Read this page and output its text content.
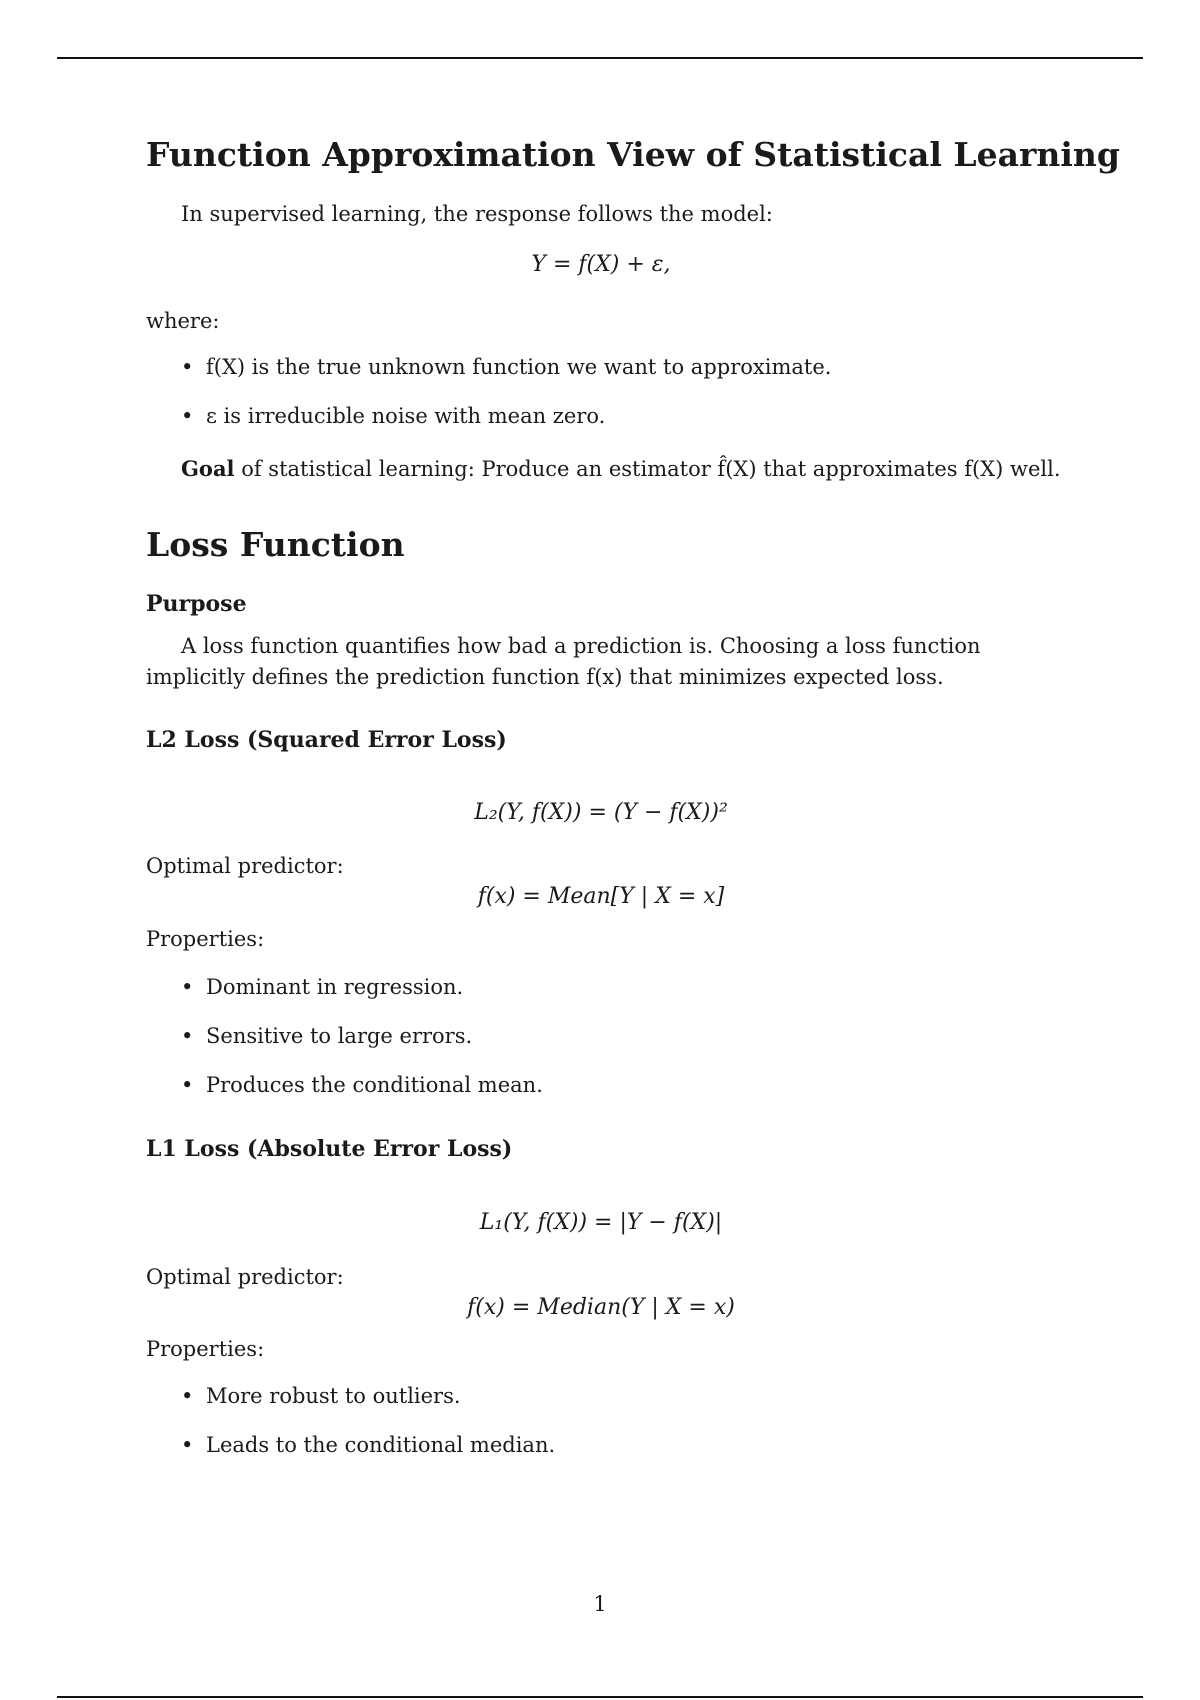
Function Approximation View of Statistical Learning
In supervised learning, the response follows the model:
Y = f(X) + ε,
where:
• f(X) is the true unknown function we want to approximate.
• ε is irreducible noise with mean zero.
Goal of statistical learning: Produce an estimator f̂(X) that approximates f(X) well.
Loss Function
Purpose
A loss function quantifies how bad a prediction is. Choosing a loss function implicitly defines the prediction function f(x) that minimizes expected loss.
L2 Loss (Squared Error Loss)
L₂(Y, f(X)) = (Y − f(X))²
Optimal predictor:
f(x) = Mean[Y | X = x]
Properties:
• Dominant in regression.
• Sensitive to large errors.
• Produces the conditional mean.
L1 Loss (Absolute Error Loss)
L₁(Y, f(X)) = |Y − f(X)|
Optimal predictor:
f(x) = Median(Y | X = x)
Properties:
• More robust to outliers.
• Leads to the conditional median.
1
